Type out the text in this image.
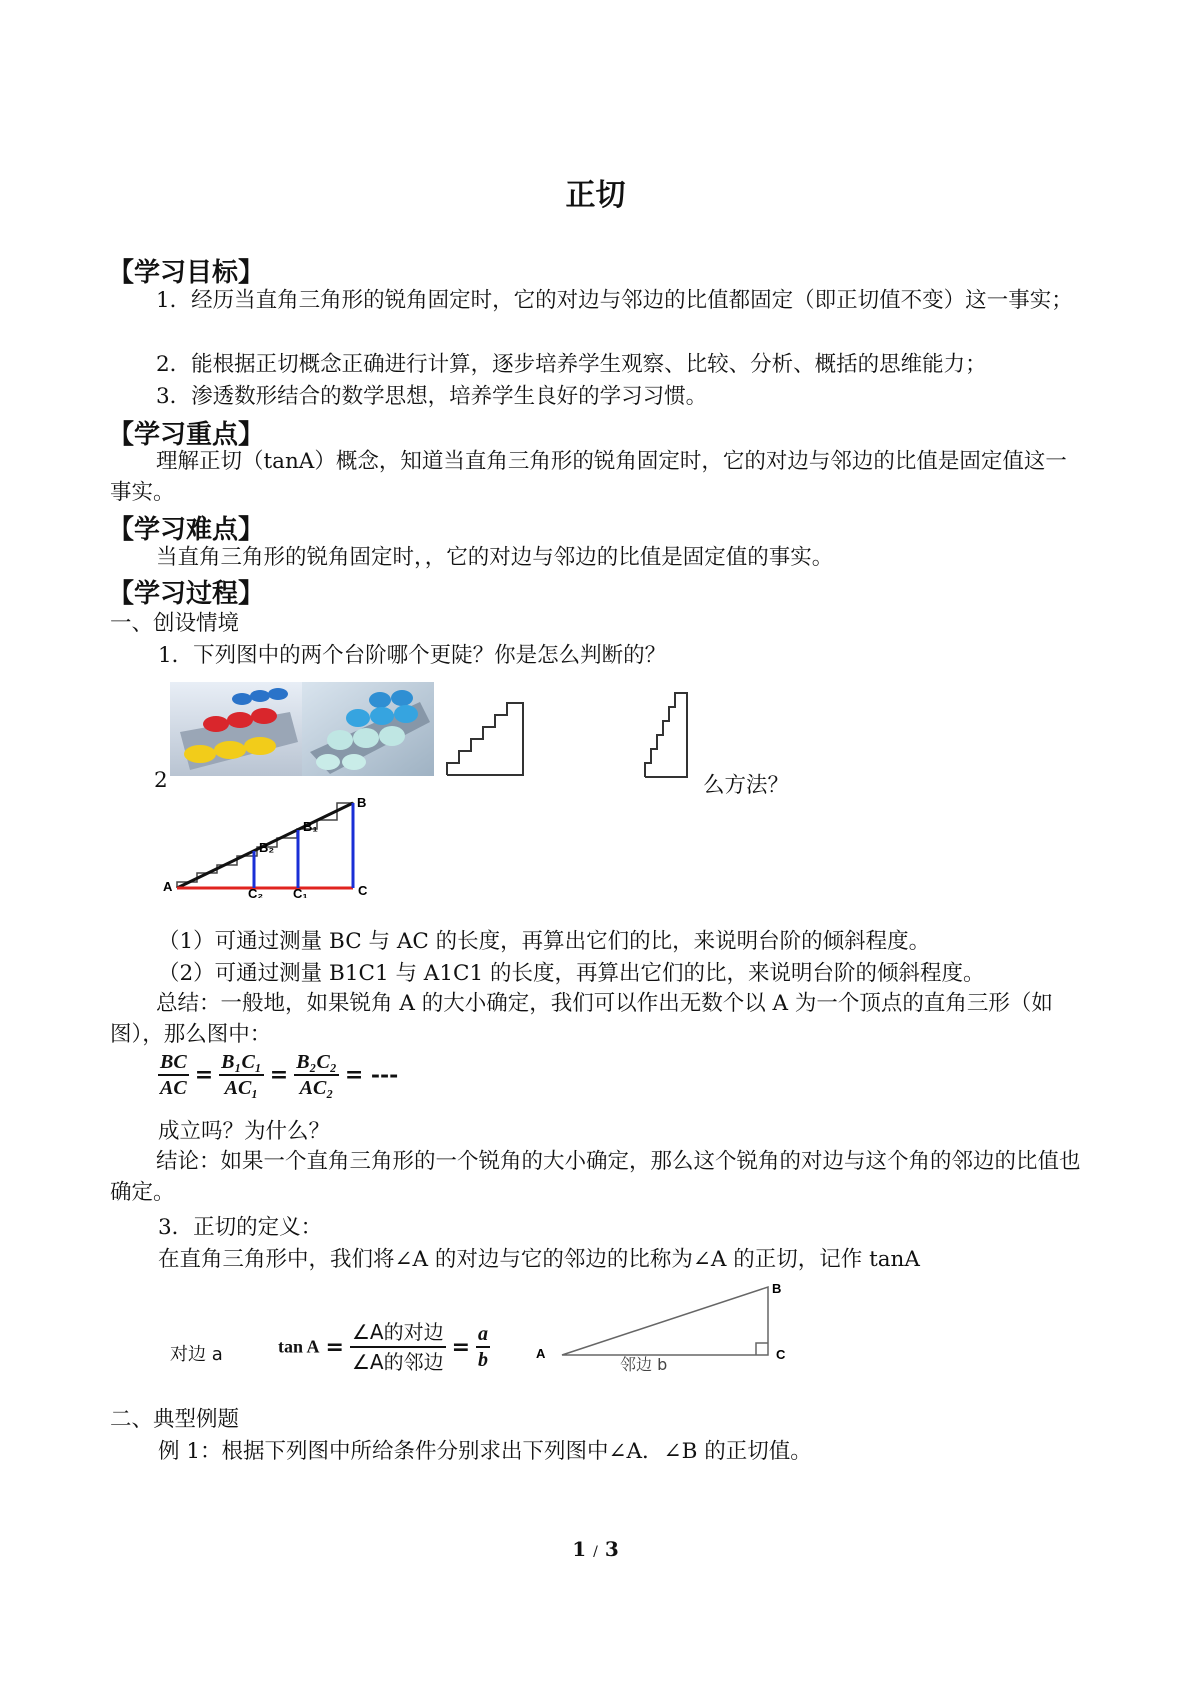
正切
【学习目标】
1．经历当直角三角形的锐角固定时，它的对边与邻边的比值都固定（即正切值不变）这一事实；
2．能根据正切概念正确进行计算，逐步培养学生观察、比较、分析、概括的思维能力；
3．渗透数形结合的数学思想，培养学生良好的学习习惯。
【学习重点】
理解正切（tanA）概念，知道当直角三角形的锐角固定时，它的对边与邻边的比值是固定值这一事实。
【学习难点】
当直角三角形的锐角固定时，，它的对边与邻边的比值是固定值的事实。
【学习过程】
一、创设情境
1．下列图中的两个台阶哪个更陡？你是怎么判断的？
2	么方法？
A
B
B₁
B₂
C
C₁
C₂
（1）可通过测量 BC 与 AC 的长度，再算出它们的比，来说明台阶的倾斜程度。
（2）可通过测量 B1C1 与 A1C1 的长度，再算出它们的比，来说明台阶的倾斜程度。
总结：一般地，如果锐角 A 的大小确定，我们可以作出无数个以 A 为一个顶点的直角三形（如图），那么图中：
$\frac{BC}{AC} = \frac{\text{B₁C₁}}{\text{AC₁}} = \frac{\text{B₂C₂}}{\text{AC₂}}$ = ---
成立吗？为什么？
结论：如果一个直角三角形的一个锐角的大小确定，那么这个锐角的对边与这个角的邻边的比值也确定。
3．正切的定义：
在直角三角形中，我们将∠A 的对边与它的邻边的比称为∠A 的正切，记作 tanA
对边 a	$\tan A = \frac{\text{∠A的对边}}{\text{∠A的邻边}} = \frac{a}{b}$	A
B
C
邻边 b
二、典型例题
例 1：根据下列图中所给条件分别求出下列图中∠A．∠B 的正切值。
1 / 3
